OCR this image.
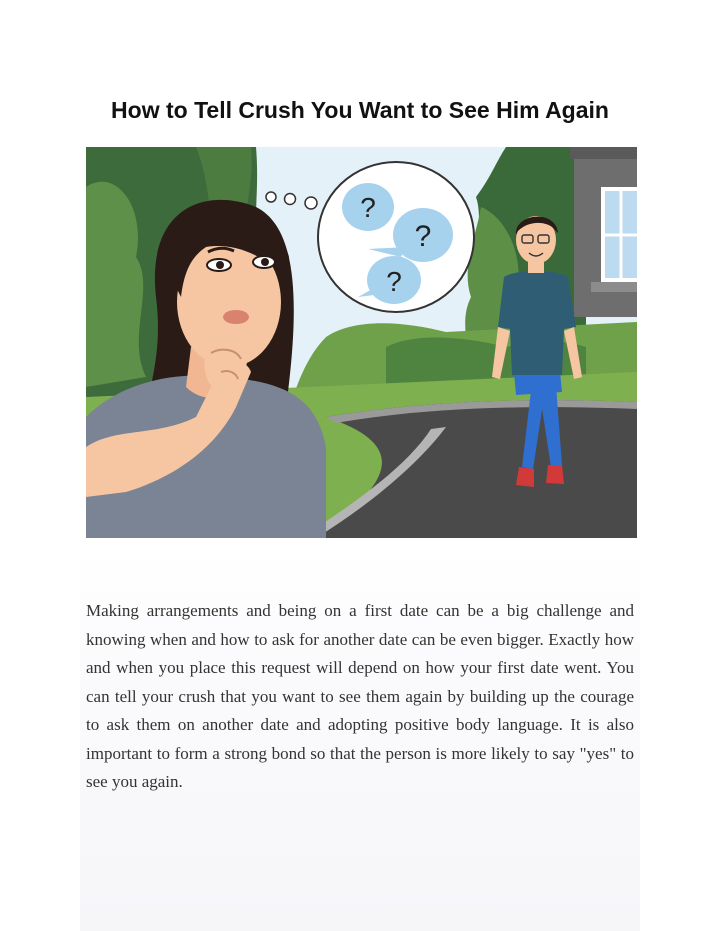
How to Tell Crush You Want to See Him Again
?
?
?

Making arrangements and being on a first date can be a big challenge and knowing when and how to ask for another date can be even bigger. Exactly how and when you place this request will depend on how your first date went. You can tell your crush that you want to see them again by building up the courage to ask them on another date and adopting positive body language. It is also important to form a strong bond so that the person is more likely to say "yes" to see you again.
